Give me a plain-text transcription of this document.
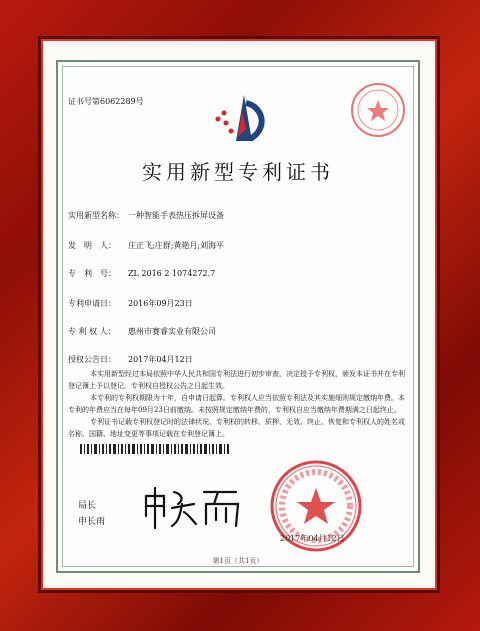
证书号第6062289号
实用新型专利证书
实用新型名称： 一种智能手表热压拆屏设备
发　明　人： 庄正飞;庄群;黄艳月;刘海平
专　利　号： ZL 2016 2 1074272.7
专利申请日： 2016年09月23日
专 利 权 人： 惠州市赛睿实业有限公司
授权公告日： 2017年04月12日
本实用新型经过本局依照中华人民共和国专利法进行初步审查，决定授予专利权，颁发本证书并在专利登记簿上予以登记。专利权自授权公告之日起生效。
本专利的专利权期限为十年，自申请日起算。专利权人应当依照专利法及其实施细则规定缴纳年费。本专利的年费应当在每年09月23日前缴纳。未按照规定缴纳年费的，专利权自应当缴纳年费期满之日起终止。
专利证书记载专利权登记时的法律状况。专利权的转移、质押、无效、终止、恢复和专利权人的姓名或名称、国籍、地址变更等事项记载在专利登记簿上。
局长
申长雨
2017年04月12日
第1页（共1页）
